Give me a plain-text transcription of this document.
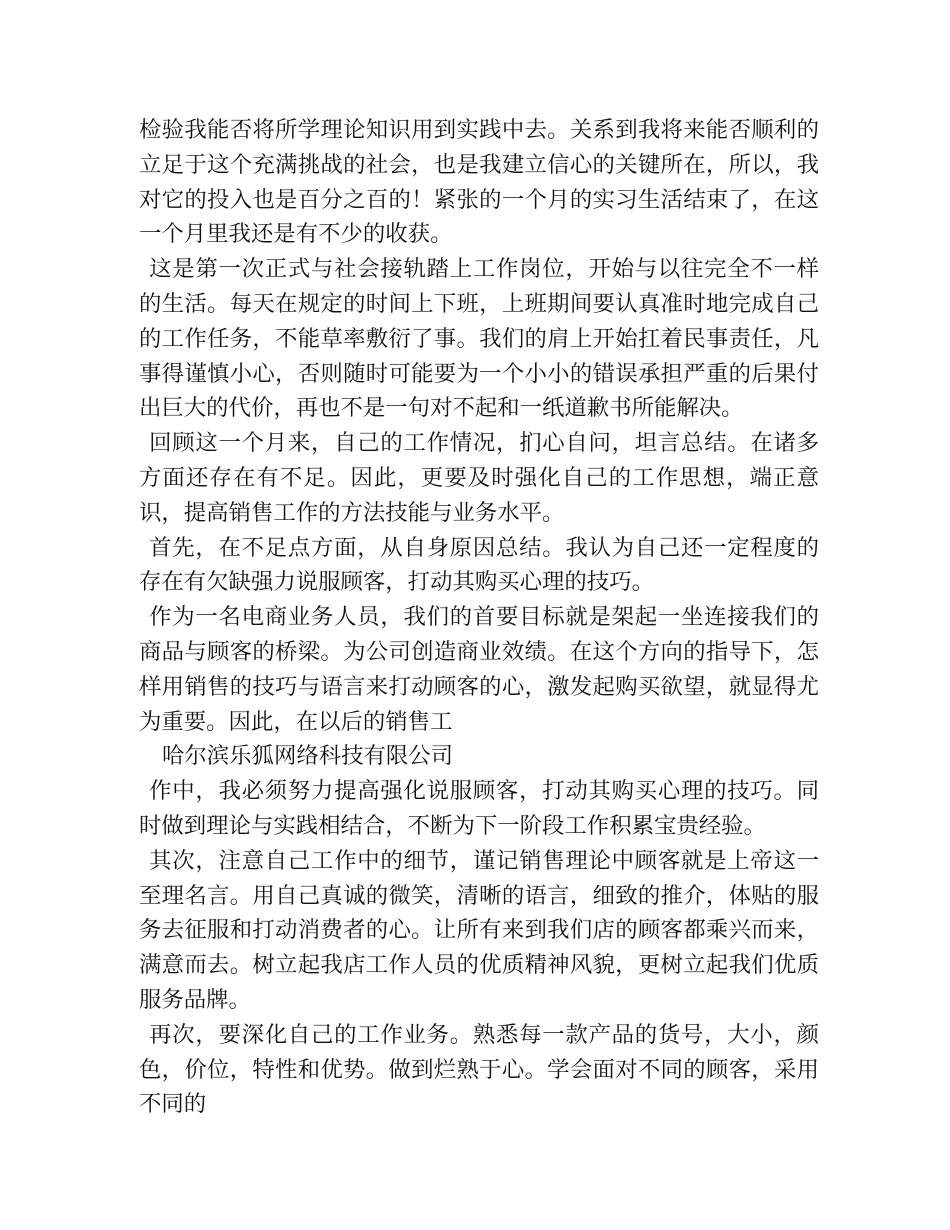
检验我能否将所学理论知识用到实践中去。关系到我将来能否顺利的立足于这个充满挑战的社会，也是我建立信心的关键所在，所以，我对它的投入也是百分之百的！紧张的一个月的实习生活结束了，在这一个月里我还是有不少的收获。

这是第一次正式与社会接轨踏上工作岗位，开始与以往完全不一样的生活。每天在规定的时间上下班，上班期间要认真准时地完成自己的工作任务，不能草率敷衍了事。我们的肩上开始扛着民事责任，凡事得谨慎小心，否则随时可能要为一个小小的错误承担严重的后果付出巨大的代价，再也不是一句对不起和一纸道歉书所能解决。

回顾这一个月来，自己的工作情况，扪心自问，坦言总结。在诸多方面还存在有不足。因此，更要及时强化自己的工作思想，端正意识，提高销售工作的方法技能与业务水平。

首先，在不足点方面，从自身原因总结。我认为自己还一定程度的存在有欠缺强力说服顾客，打动其购买心理的技巧。

作为一名电商业务人员，我们的首要目标就是架起一坐连接我们的商品与顾客的桥梁。为公司创造商业效绩。在这个方向的指导下，怎样用销售的技巧与语言来打动顾客的心，激发起购买欲望，就显得尤为重要。因此，在以后的销售工

哈尔滨乐狐网络科技有限公司

作中，我必须努力提高强化说服顾客，打动其购买心理的技巧。同时做到理论与实践相结合，不断为下一阶段工作积累宝贵经验。

其次，注意自己工作中的细节，谨记销售理论中顾客就是上帝这一至理名言。用自己真诚的微笑，清晰的语言，细致的推介，体贴的服务去征服和打动消费者的心。让所有来到我们店的顾客都乘兴而来，满意而去。树立起我店工作人员的优质精神风貌，更树立起我们优质服务品牌。

再次，要深化自己的工作业务。熟悉每一款产品的货号，大小，颜色，价位，特性和优势。做到烂熟于心。学会面对不同的顾客，采用不同的
